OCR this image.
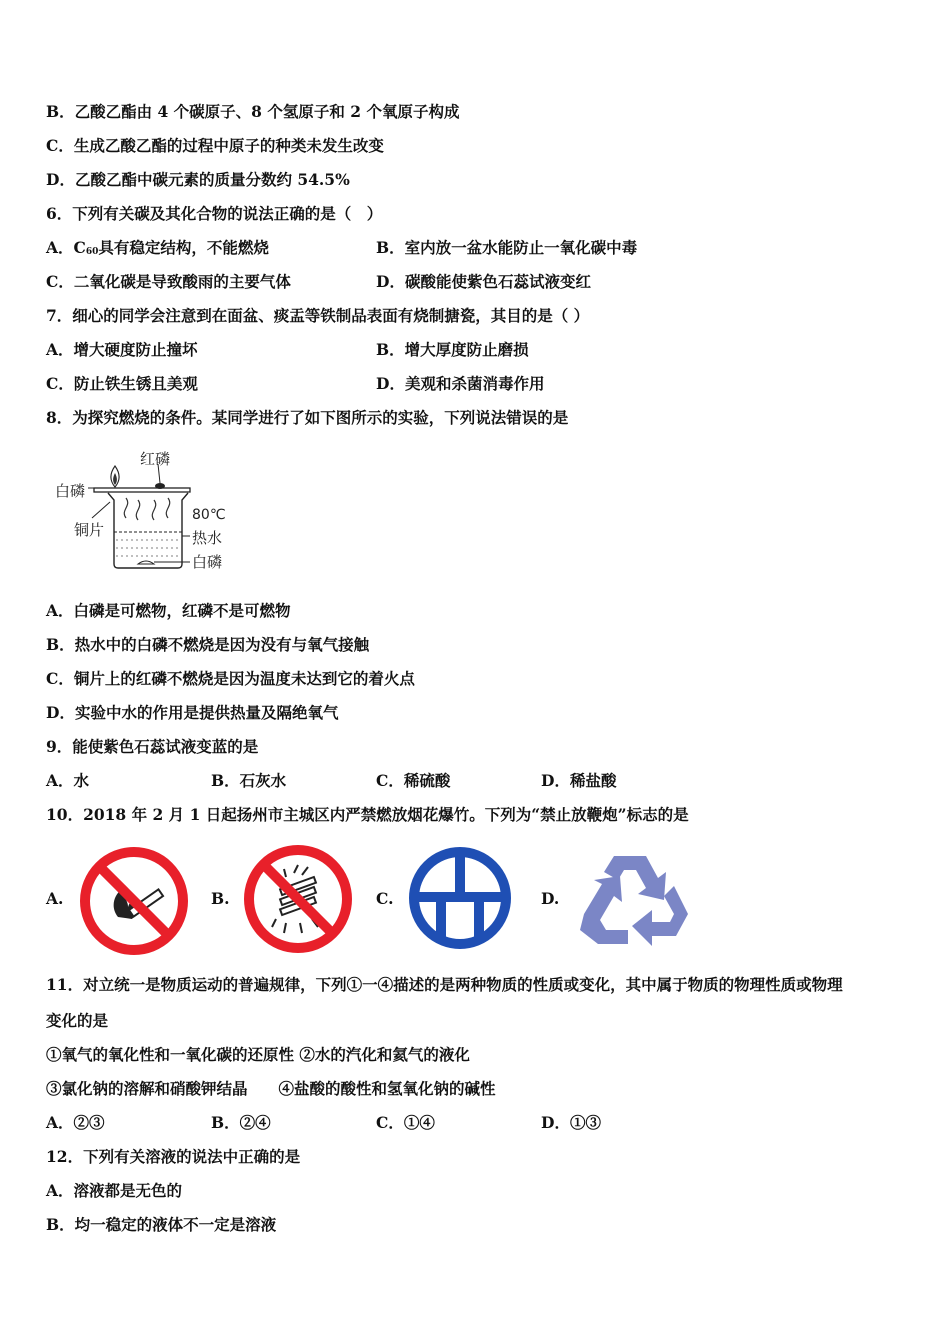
B．乙酸乙酯由 4 个碳原子、8 个氢原子和 2 个氧原子构成
C．生成乙酸乙酯的过程中原子的种类未发生改变
D．乙酸乙酯中碳元素的质量分数约 54.5%
6．下列有关碳及其化合物的说法正确的是（　）
A．$C_{60}$具有稳定结构，不能燃烧	B．室内放一盆水能防止一氧化碳中毒
C．二氧化碳是导致酸雨的主要气体	D．碳酸能使紫色石蕊试液变红
7．细心的同学会注意到在面盆、痰盂等铁制品表面有烧制搪瓷，其目的是（ ）
A．增大硬度防止撞坏	B．增大厚度防止磨损
C．防止铁生锈且美观	D．美观和杀菌消毒作用
8．为探究燃烧的条件。某同学进行了如下图所示的实验，下列说法错误的是
红磷
白磷
铜片
80℃
热水
白磷
A．白磷是可燃物，红磷不是可燃物
B．热水中的白磷不燃烧是因为没有与氧气接触
C．铜片上的红磷不燃烧是因为温度未达到它的着火点
D．实验中水的作用是提供热量及隔绝氧气
9．能使紫色石蕊试液变蓝的是
A．水	B．石灰水	C．稀硫酸	D．稀盐酸
10．2018 年 2 月 1 日起扬州市主城区内严禁燃放烟花爆竹。下列为“禁止放鞭炮”标志的是
A.	B.	C.	D.
11．对立统一是物质运动的普遍规律，下列①一④描述的是两种物质的性质或变化，其中属于物质的物理性质或物理
变化的是
①氧气的氧化性和一氧化碳的还原性 ②水的汽化和氦气的液化
③氯化钠的溶解和硝酸钾结晶　　④盐酸的酸性和氢氧化钠的碱性
A．②③	B．②④	C．①④	D．①③
12．下列有关溶液的说法中正确的是
A．溶液都是无色的
B．均一稳定的液体不一定是溶液
